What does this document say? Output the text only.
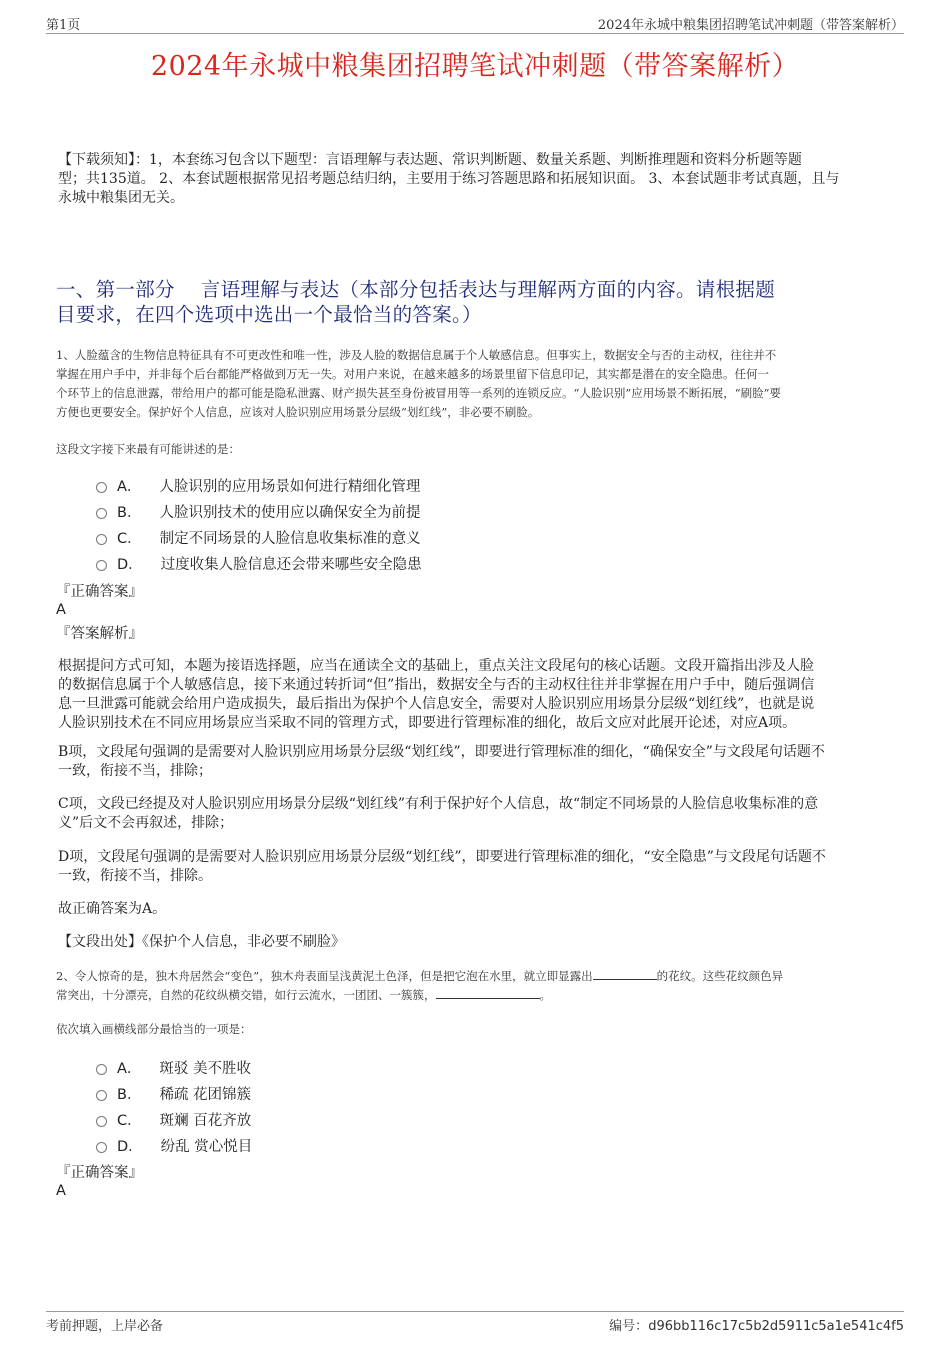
第1页	2024年永城中粮集团招聘笔试冲刺题（带答案解析）
2024年永城中粮集团招聘笔试冲刺题（带答案解析）
【下载须知】：1，本套练习包含以下题型：言语理解与表达题、常识判断题、数量关系题、判断推理题和资料分析题等题
型；共135道。 2、本套试题根据常见招考题总结归纳，主要用于练习答题思路和拓展知识面。 3、本套试题非考试真题，且与
永城中粮集团无关。
一、第一部分    言语理解与表达（本部分包括表达与理解两方面的内容。请根据题
目要求，在四个选项中选出一个最恰当的答案。）
1、人脸蕴含的生物信息特征具有不可更改性和唯一性，涉及人脸的数据信息属于个人敏感信息。但事实上，数据安全与否的主动权，往往并不
掌握在用户手中，并非每个后台都能严格做到万无一失。对用户来说，在越来越多的场景里留下信息印记，其实都是潜在的安全隐患。任何一
个环节上的信息泄露，带给用户的都可能是隐私泄露、财产损失甚至身份被冒用等一系列的连锁反应。“人脸识别”应用场景不断拓展，“刷脸”要
方便也更要安全。保护好个人信息，应该对人脸识别应用场景分层级“划红线”，非必要不刷脸。
这段文字接下来最有可能讲述的是：
A． 人脸识别的应用场景如何进行精细化管理
B． 人脸识别技术的使用应以确保安全为前提
C． 制定不同场景的人脸信息收集标准的意义
D． 过度收集人脸信息还会带来哪些安全隐患
『正确答案』
A
『答案解析』
根据提问方式可知，本题为接语选择题，应当在通读全文的基础上，重点关注文段尾句的核心话题。文段开篇指出涉及人脸
的数据信息属于个人敏感信息，接下来通过转折词“但”指出，数据安全与否的主动权往往并非掌握在用户手中，随后强调信
息一旦泄露可能就会给用户造成损失，最后指出为保护个人信息安全，需要对人脸识别应用场景分层级“划红线”，也就是说
人脸识别技术在不同应用场景应当采取不同的管理方式，即要进行管理标准的细化，故后文应对此展开论述，对应A项。
B项，文段尾句强调的是需要对人脸识别应用场景分层级“划红线”，即要进行管理标准的细化，“确保安全”与文段尾句话题不
一致，衔接不当，排除；
C项，文段已经提及对人脸识别应用场景分层级“划红线”有利于保护好个人信息，故“制定不同场景的人脸信息收集标准的意
义”后文不会再叙述，排除；
D项，文段尾句强调的是需要对人脸识别应用场景分层级“划红线”，即要进行管理标准的细化，“安全隐患”与文段尾句话题不
一致，衔接不当，排除。
故正确答案为A。
【文段出处】《保护个人信息，非必要不刷脸》
2、令人惊奇的是，独木舟居然会“变色”，独木舟表面呈浅黄泥土色泽，但是把它泡在水里，就立即显露出	的花纹。这些花纹颜色异
常突出，十分漂亮，自然的花纹纵横交错，如行云流水，一团团、一簇簇，	。
依次填入画横线部分最恰当的一项是：
A． 斑驳 美不胜收
B． 稀疏 花团锦簇
C． 斑斓 百花齐放
D． 纷乱 赏心悦目
『正确答案』
A
考前押题，上岸必备	编号：d96bb116c17c5b2d5911c5a1e541c4f5
